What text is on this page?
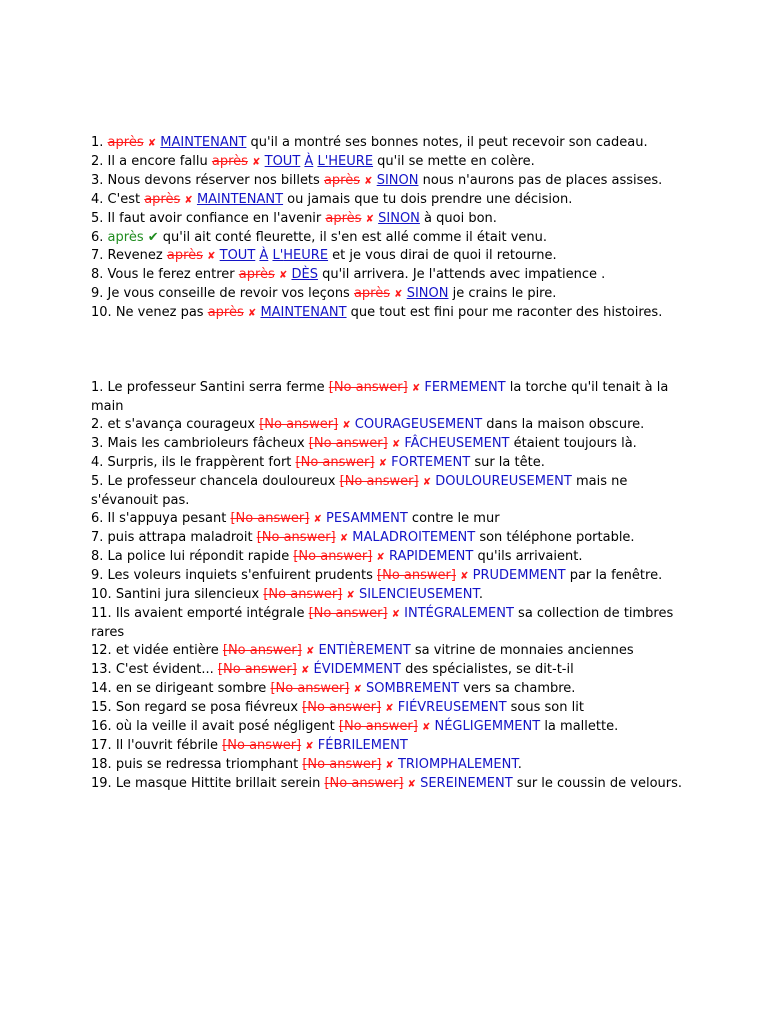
1. après ✘ MAINTENANT qu'il a montré ses bonnes notes, il peut recevoir son cadeau.

2. Il a encore fallu après ✘ TOUT À L'HEURE qu'il se mette en colère.

3. Nous devons réserver nos billets après ✘ SINON nous n'aurons pas de places assises.

4. C'est après ✘ MAINTENANT ou jamais que tu dois prendre une décision.

5. Il faut avoir confiance en l'avenir après ✘ SINON à quoi bon.

6. après ✔ qu'il ait conté fleurette, il s'en est allé comme il était venu.

7. Revenez après ✘ TOUT À L'HEURE et je vous dirai de quoi il retourne.

8. Vous le ferez entrer après ✘ DÈS qu'il arrivera. Je l'attends avec impatience .

9. Je vous conseille de revoir vos leçons après ✘ SINON je crains le pire.

10. Ne venez pas après ✘ MAINTENANT que tout est fini pour me raconter des histoires.

1. Le professeur Santini serra ferme [No answer] ✘ FERMEMENT la torche qu'il tenait à la main

2. et s'avança courageux [No answer] ✘ COURAGEUSEMENT dans la maison obscure.

3. Mais les cambrioleurs fâcheux [No answer] ✘ FÂCHEUSEMENT étaient toujours là.

4. Surpris, ils le frappèrent fort [No answer] ✘ FORTEMENT sur la tête.

5. Le professeur chancela douloureux [No answer] ✘ DOULOUREUSEMENT mais ne s'évanouit pas.

6. Il s'appuya pesant [No answer] ✘ PESAMMENT contre le mur

7. puis attrapa maladroit [No answer] ✘ MALADROITEMENT son téléphone portable.

8. La police lui répondit rapide [No answer] ✘ RAPIDEMENT qu'ils arrivaient.

9. Les voleurs inquiets s'enfuirent prudents [No answer] ✘ PRUDEMMENT par la fenêtre.

10. Santini jura silencieux [No answer] ✘ SILENCIEUSEMENT.

11. Ils avaient emporté intégrale [No answer] ✘ INTÉGRALEMENT sa collection de timbres rares

12. et vidée entière [No answer] ✘ ENTIÈREMENT sa vitrine de monnaies anciennes

13. C'est évident... [No answer] ✘ ÉVIDEMMENT des spécialistes, se dit-t-il

14. en se dirigeant sombre [No answer] ✘ SOMBREMENT vers sa chambre.

15. Son regard se posa fiévreux [No answer] ✘ FIÉVREUSEMENT sous son lit

16. où la veille il avait posé négligent [No answer] ✘ NÉGLIGEMMENT la mallette.

17. Il l'ouvrit fébrile [No answer] ✘ FÉBRILEMENT

18. puis se redressa triomphant [No answer] ✘ TRIOMPHALEMENT.

19. Le masque Hittite brillait serein [No answer] ✘ SEREINEMENT sur le coussin de velours.
